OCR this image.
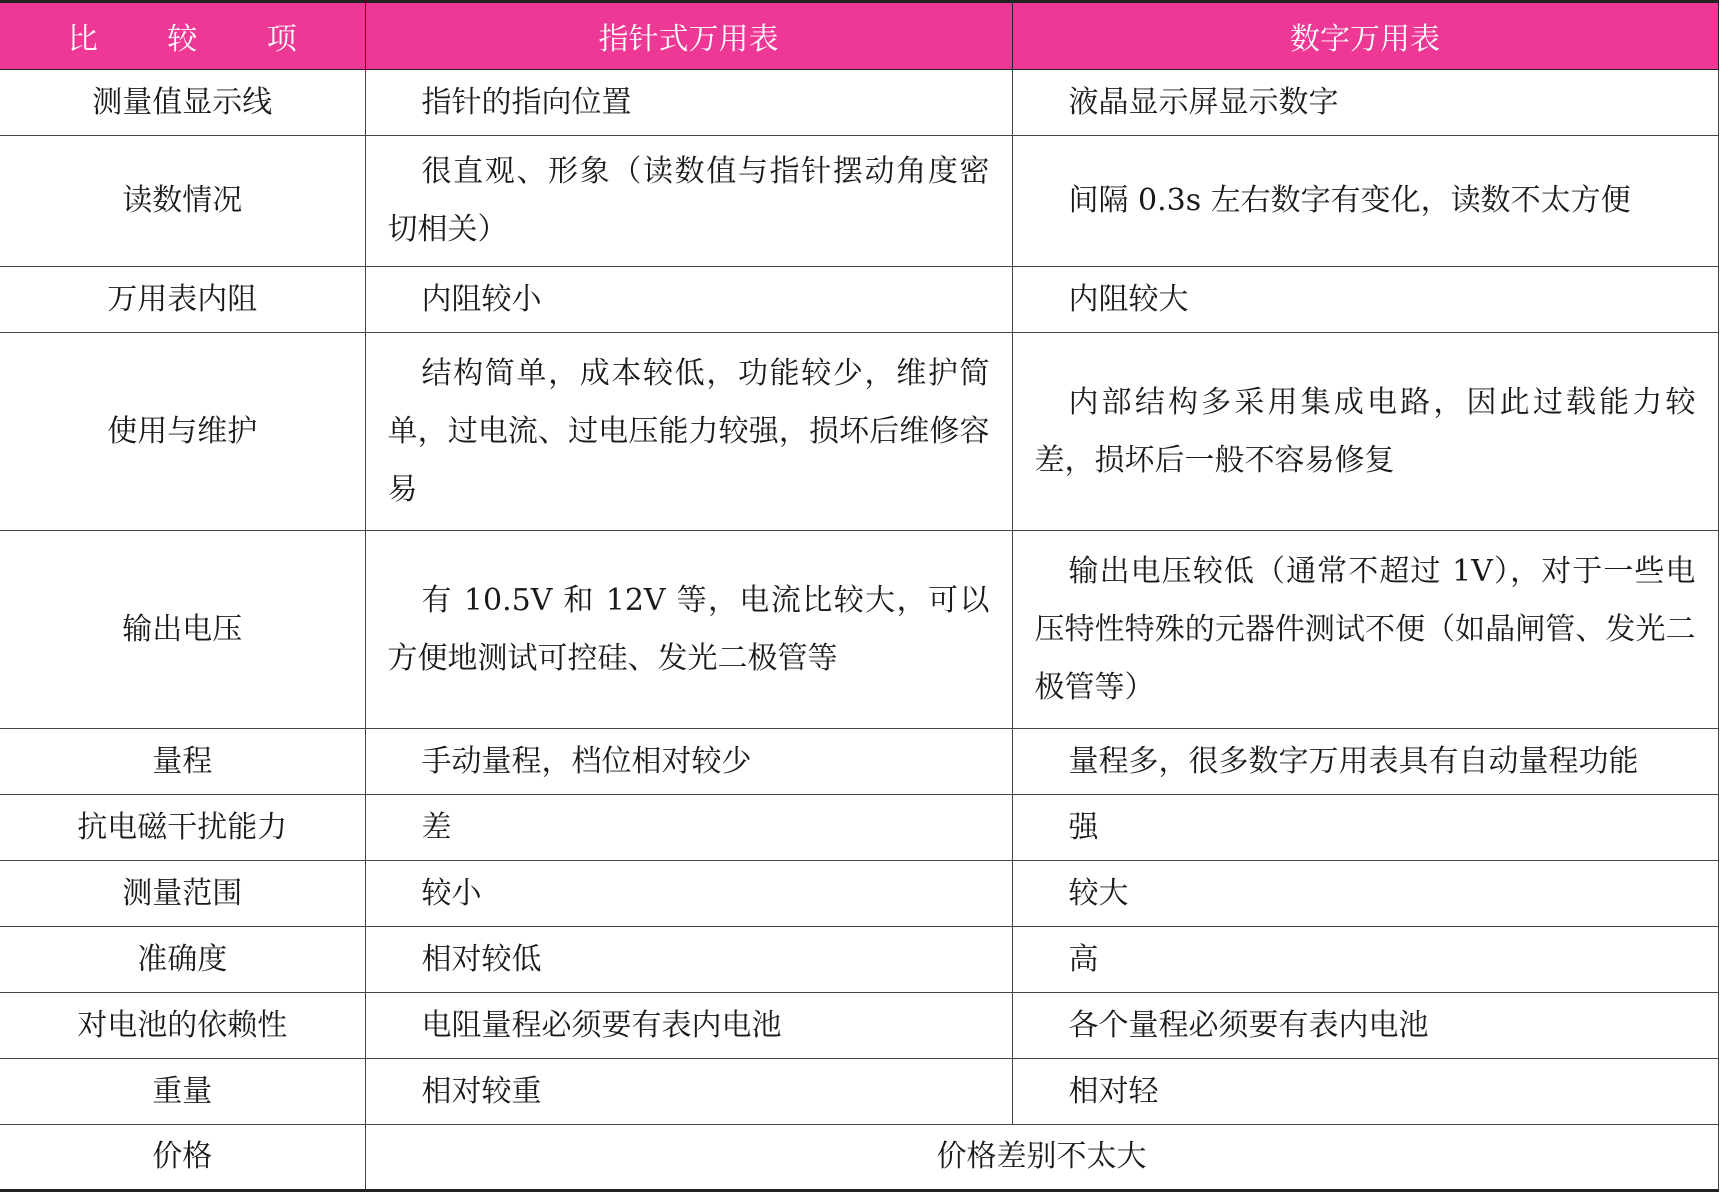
比 较 项	指针式万用表	数字万用表
测量值显示线	指针的指向位置	液晶显示屏显示数字
读数情况	很直观、形象（读数值与指针摆动角度密切相关）	间隔 0.3s 左右数字有变化，读数不太方便
万用表内阻	内阻较小	内阻较大
使用与维护	结构简单，成本较低，功能较少，维护简单，过电流、过电压能力较强，损坏后维修容易	内部结构多采用集成电路，因此过载能力较差，损坏后一般不容易修复
输出电压	有 10.5V 和 12V 等，电流比较大，可以方便地测试可控硅、发光二极管等	输出电压较低（通常不超过 1V），对于一些电压特性特殊的元器件测试不便（如晶闸管、发光二极管等）
量程	手动量程，档位相对较少	量程多，很多数字万用表具有自动量程功能
抗电磁干扰能力	差	强
测量范围	较小	较大
准确度	相对较低	高
对电池的依赖性	电阻量程必须要有表内电池	各个量程必须要有表内电池
重量	相对较重	相对轻
价格	价格差别不太大	
